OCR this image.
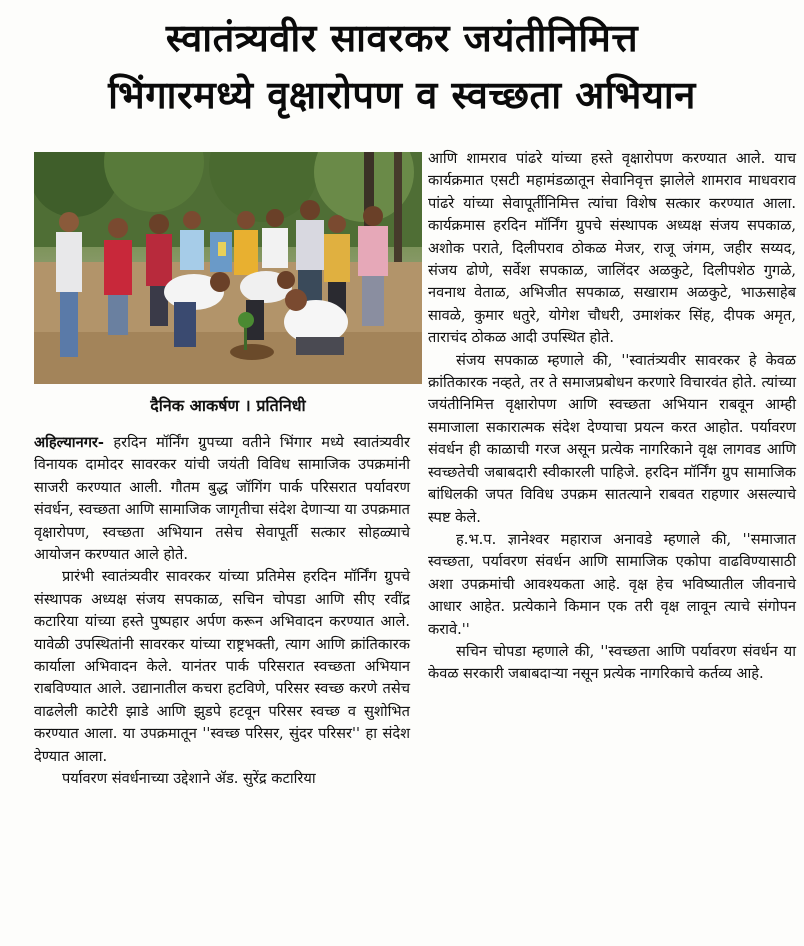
स्वातंत्र्यवीर सावरकर जयंतीनिमित्त
भिंगारमध्ये वृक्षारोपण व स्वच्छता अभियान
दैनिक आकर्षण । प्रतिनिधी

अहिल्यानगर- हरदिन मॉर्निंग ग्रुपच्या वतीने भिंगार मध्ये स्वातंत्र्यवीर विनायक दामोदर सावरकर यांची जयंती विविध सामाजिक उपक्रमांनी साजरी करण्यात आली. गौतम बुद्ध जॉगिंग पार्क परिसरात पर्यावरण संवर्धन, स्वच्छता आणि सामाजिक जागृतीचा संदेश देणाऱ्या या उपक्रमात वृक्षारोपण, स्वच्छता अभियान तसेच सेवापूर्ती सत्कार सोहळ्याचे आयोजन करण्यात आले होते.

प्रारंभी स्वातंत्र्यवीर सावरकर यांच्या प्रतिमेस हरदिन मॉर्निंग ग्रुपचे संस्थापक अध्यक्ष संजय सपकाळ, सचिन चोपडा आणि सीए रवींद्र कटारिया यांच्या हस्ते पुष्पहार अर्पण करून अभिवादन करण्यात आले. यावेळी उपस्थितांनी सावरकर यांच्या राष्ट्रभक्ती, त्याग आणि क्रांतिकारक कार्याला अभिवादन केले. यानंतर पार्क परिसरात स्वच्छता अभियान राबविण्यात आले. उद्यानातील कचरा हटविणे, परिसर स्वच्छ करणे तसेच वाढलेली काटेरी झाडे आणि झुडपे हटवून परिसर स्वच्छ व सुशोभित करण्यात आला. या उपक्रमातून ''स्वच्छ परिसर, सुंदर परिसर'' हा संदेश देण्यात आला.

पर्यावरण संवर्धनाच्या उद्देशाने ॲड. सुरेंद्र कटारिया

आणि शामराव पांढरे यांच्या हस्ते वृक्षारोपण करण्यात आले. याच कार्यक्रमात एसटी महामंडळातून सेवानिवृत्त झालेले शामराव माधवराव पांढरे यांच्या सेवापूर्तीनिमित्त त्यांचा विशेष सत्कार करण्यात आला. कार्यक्रमास हरदिन मॉर्निंग ग्रुपचे संस्थापक अध्यक्ष संजय सपकाळ, अशोक पराते, दिलीपराव ठोकळ मेजर, राजू जंगम, जहीर सय्यद, संजय ढोणे, सर्वेश सपकाळ, जालिंदर अळकुटे, दिलीपशेठ गुगळे, नवनाथ वेताळ, अभिजीत सपकाळ, सखाराम अळकुटे, भाऊसाहेब सावळे, कुमार धतुरे, योगेश चौधरी, उमाशंकर सिंह, दीपक अमृत, ताराचंद ठोकळ आदी उपस्थित होते.

संजय सपकाळ म्हणाले की, ''स्वातंत्र्यवीर सावरकर हे केवळ क्रांतिकारक नव्हते, तर ते समाजप्रबोधन करणारे विचारवंत होते. त्यांच्या जयंतीनिमित्त वृक्षारोपण आणि स्वच्छता अभियान राबवून आम्ही समाजाला सकारात्मक संदेश देण्याचा प्रयत्न करत आहोत. पर्यावरण संवर्धन ही काळाची गरज असून प्रत्येक नागरिकाने वृक्ष लागवड आणि स्वच्छतेची जबाबदारी स्वीकारली पाहिजे. हरदिन मॉर्निंग ग्रुप सामाजिक बांधिलकी जपत विविध उपक्रम सातत्याने राबवत राहणार असल्याचे स्पष्ट केले.

ह.भ.प. ज्ञानेश्वर महाराज अनावडे म्हणाले की, ''समाजात स्वच्छता, पर्यावरण संवर्धन आणि सामाजिक एकोपा वाढविण्यासाठी अशा उपक्रमांची आवश्यकता आहे. वृक्ष हेच भविष्यातील जीवनाचे आधार आहेत. प्रत्येकाने किमान एक तरी वृक्ष लावून त्याचे संगोपन करावे.''

सचिन चोपडा म्हणाले की, ''स्वच्छता आणि पर्यावरण संवर्धन या केवळ सरकारी जबाबदाऱ्या नसून प्रत्येक नागरिकाचे कर्तव्य आहे.
